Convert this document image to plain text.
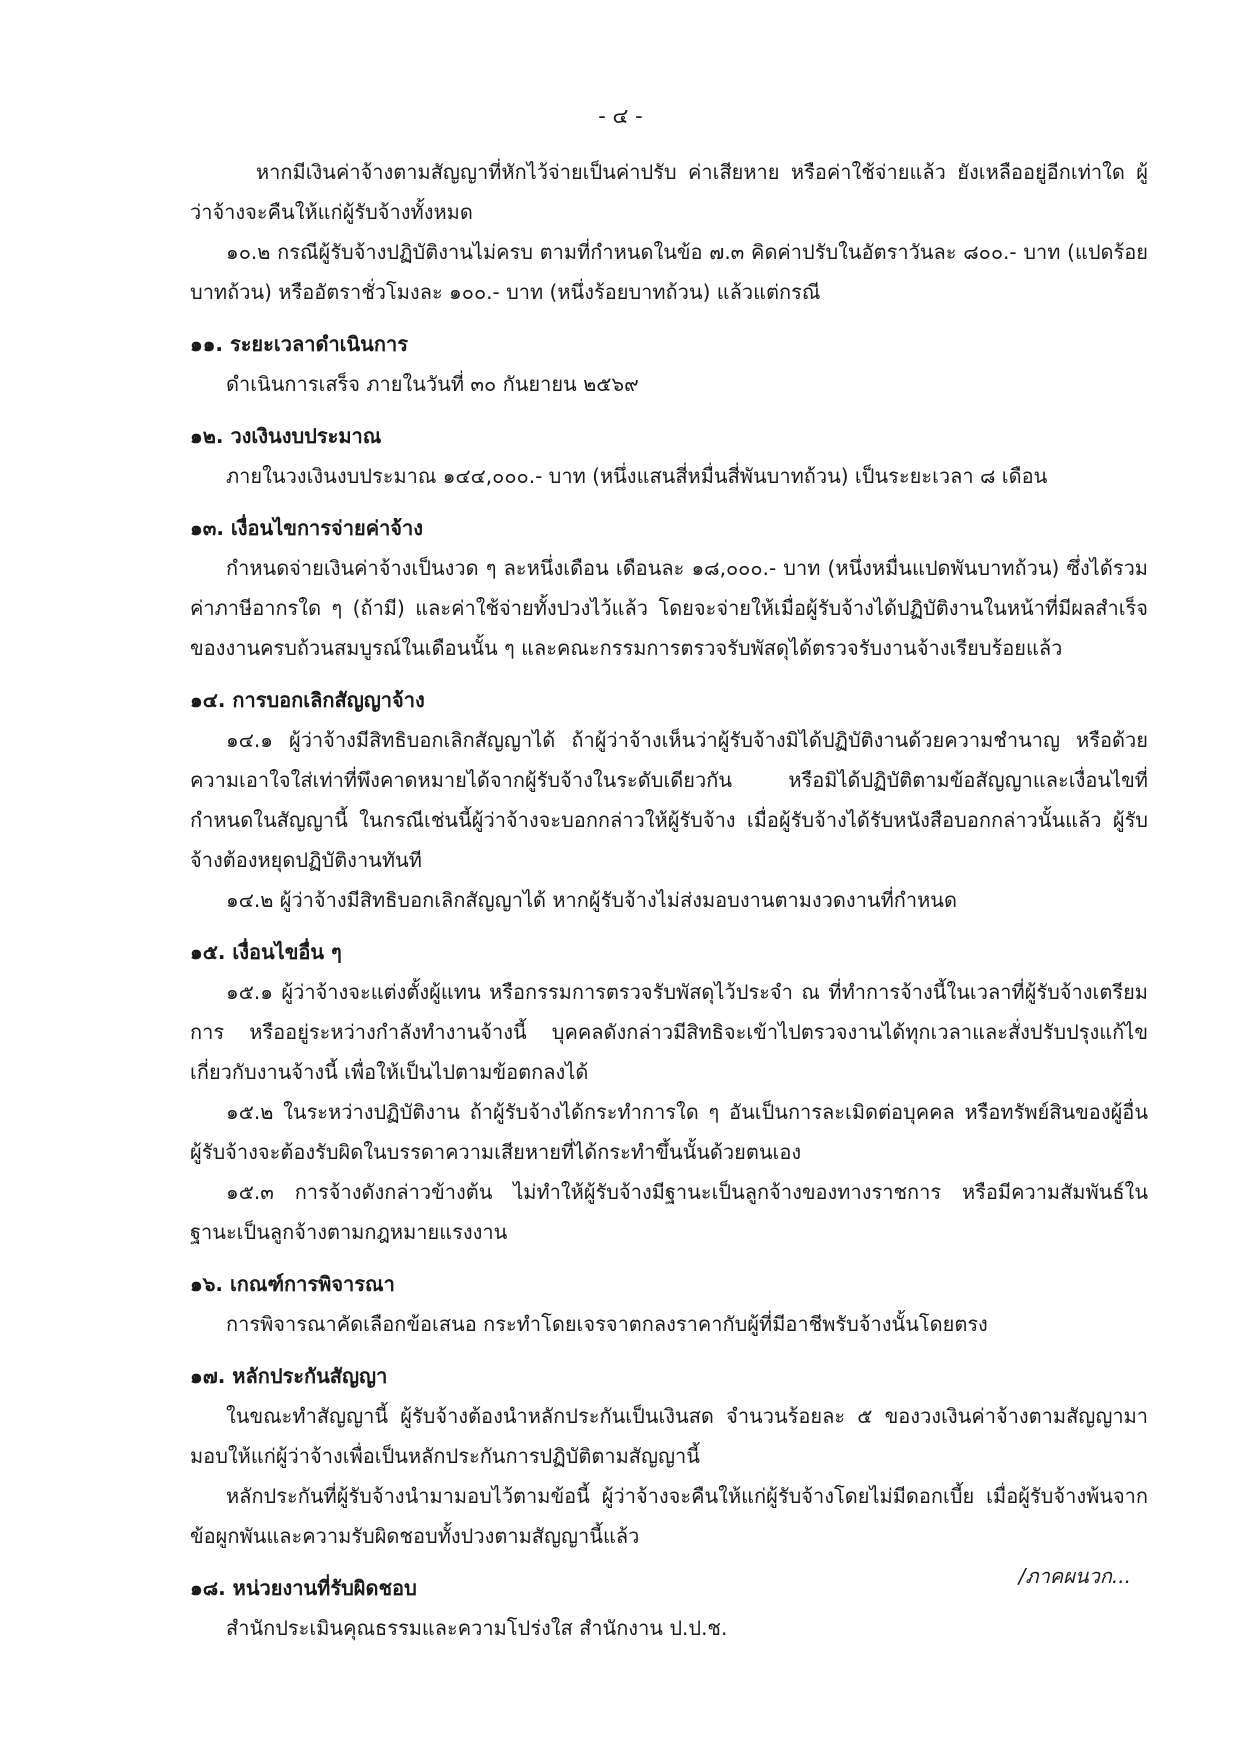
- ๔ -

หากมีเงินค่าจ้างตามสัญญาที่หักไว้จ่ายเป็นค่าปรับ ค่าเสียหาย หรือค่าใช้จ่ายแล้ว ยังเหลืออยู่อีกเท่าใด ผู้ว่าจ้างจะคืนให้แก่ผู้รับจ้างทั้งหมด

๑๐.๒ กรณีผู้รับจ้างปฏิบัติงานไม่ครบ ตามที่กำหนดในข้อ ๗.๓ คิดค่าปรับในอัตราวันละ ๘๐๐.- บาท (แปดร้อยบาทถ้วน) หรืออัตราชั่วโมงละ ๑๐๐.- บาท (หนึ่งร้อยบาทถ้วน) แล้วแต่กรณี

๑๑. ระยะเวลาดำเนินการ

ดำเนินการเสร็จ ภายในวันที่ ๓๐ กันยายน ๒๕๖๙

๑๒. วงเงินงบประมาณ

ภายในวงเงินงบประมาณ ๑๔๔,๐๐๐.- บาท (หนึ่งแสนสี่หมื่นสี่พันบาทถ้วน) เป็นระยะเวลา ๘ เดือน

๑๓. เงื่อนไขการจ่ายค่าจ้าง

กำหนดจ่ายเงินค่าจ้างเป็นงวด ๆ ละหนึ่งเดือน เดือนละ ๑๘,๐๐๐.- บาท (หนึ่งหมื่นแปดพันบาทถ้วน) ซึ่งได้รวมค่าภาษีอากรใด ๆ (ถ้ามี) และค่าใช้จ่ายทั้งปวงไว้แล้ว โดยจะจ่ายให้เมื่อผู้รับจ้างได้ปฏิบัติงานในหน้าที่มีผลสำเร็จของงานครบถ้วนสมบูรณ์ในเดือนนั้น ๆ และคณะกรรมการตรวจรับพัสดุได้ตรวจรับงานจ้างเรียบร้อยแล้ว

๑๔. การบอกเลิกสัญญาจ้าง

๑๔.๑ ผู้ว่าจ้างมีสิทธิบอกเลิกสัญญาได้ ถ้าผู้ว่าจ้างเห็นว่าผู้รับจ้างมิได้ปฏิบัติงานด้วยความชำนาญ หรือด้วยความเอาใจใส่เท่าที่พึงคาดหมายได้จากผู้รับจ้างในระดับเดียวกัน หรือมิได้ปฏิบัติตามข้อสัญญาและเงื่อนไขที่กำหนดในสัญญานี้ ในกรณีเช่นนี้ผู้ว่าจ้างจะบอกกล่าวให้ผู้รับจ้าง เมื่อผู้รับจ้างได้รับหนังสือบอกกล่าวนั้นแล้ว ผู้รับจ้างต้องหยุดปฏิบัติงานทันที

๑๔.๒ ผู้ว่าจ้างมีสิทธิบอกเลิกสัญญาได้ หากผู้รับจ้างไม่ส่งมอบงานตามงวดงานที่กำหนด

๑๕. เงื่อนไขอื่น ๆ

๑๕.๑ ผู้ว่าจ้างจะแต่งตั้งผู้แทน หรือกรรมการตรวจรับพัสดุไว้ประจำ ณ ที่ทำการจ้างนี้ในเวลาที่ผู้รับจ้างเตรียมการ หรืออยู่ระหว่างกำลังทำงานจ้างนี้ บุคคลดังกล่าวมีสิทธิจะเข้าไปตรวจงานได้ทุกเวลาและสั่งปรับปรุงแก้ไขเกี่ยวกับงานจ้างนี้ เพื่อให้เป็นไปตามข้อตกลงได้

๑๕.๒ ในระหว่างปฏิบัติงาน ถ้าผู้รับจ้างได้กระทำการใด ๆ อันเป็นการละเมิดต่อบุคคล หรือทรัพย์สินของผู้อื่น ผู้รับจ้างจะต้องรับผิดในบรรดาความเสียหายที่ได้กระทำขึ้นนั้นด้วยตนเอง

๑๕.๓ การจ้างดังกล่าวข้างต้น ไม่ทำให้ผู้รับจ้างมีฐานะเป็นลูกจ้างของทางราชการ หรือมีความสัมพันธ์ในฐานะเป็นลูกจ้างตามกฎหมายแรงงาน

๑๖. เกณฑ์การพิจารณา

การพิจารณาคัดเลือกข้อเสนอ กระทำโดยเจรจาตกลงราคากับผู้ที่มีอาชีพรับจ้างนั้นโดยตรง

๑๗. หลักประกันสัญญา

ในขณะทำสัญญานี้ ผู้รับจ้างต้องนำหลักประกันเป็นเงินสด จำนวนร้อยละ ๕ ของวงเงินค่าจ้างตามสัญญามามอบให้แก่ผู้ว่าจ้างเพื่อเป็นหลักประกันการปฏิบัติตามสัญญานี้

หลักประกันที่ผู้รับจ้างนำมามอบไว้ตามข้อนี้ ผู้ว่าจ้างจะคืนให้แก่ผู้รับจ้างโดยไม่มีดอกเบี้ย เมื่อผู้รับจ้างพ้นจากข้อผูกพันและความรับผิดชอบทั้งปวงตามสัญญานี้แล้ว

๑๘. หน่วยงานที่รับผิดชอบ

สำนักประเมินคุณธรรมและความโปร่งใส สำนักงาน ป.ป.ช.

/ภาคผนวก...
